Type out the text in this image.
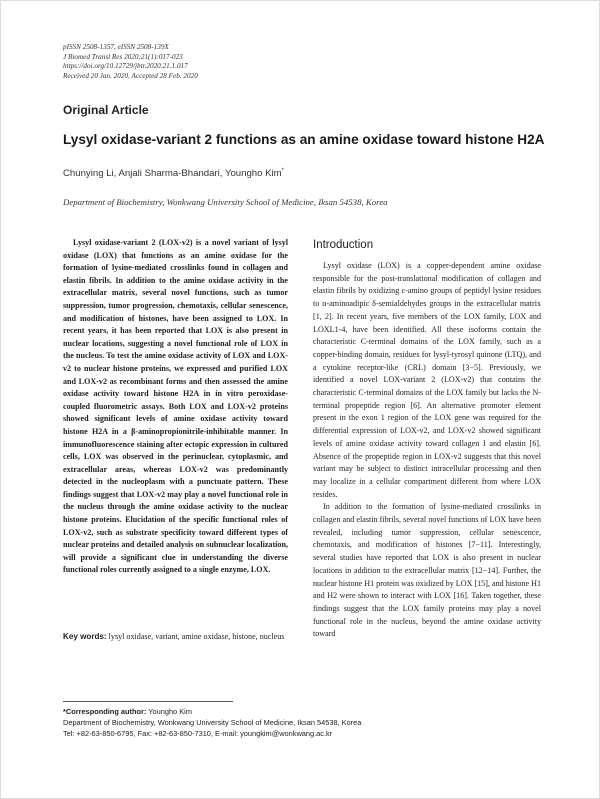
pISSN 2508-1357, eISSN 2508-139X
J Biomed Transl Res 2020;21(1):017-023
https://doi.org/10.12729/jbtr.2020.21.1.017
Received 20 Jan. 2020, Accepted 28 Feb. 2020
Original Article
Lysyl oxidase-variant 2 functions as an amine oxidase toward histone H2A
Chunying Li, Anjali Sharma-Bhandari, Youngho Kim*
Department of Biochemistry, Wonkwang University School of Medicine, Iksan 54538, Korea
Lysyl oxidase-variant 2 (LOX-v2) is a novel variant of lysyl oxidase (LOX) that functions as an amine oxidase for the formation of lysine-mediated crosslinks found in collagen and elastin fibrils. In addition to the amine oxidase activity in the extracellular matrix, several novel functions, such as tumor suppression, tumor progression, chemotaxis, cellular senescence, and modification of histones, have been assigned to LOX. In recent years, it has been reported that LOX is also present in nuclear locations, suggesting a novel functional role of LOX in the nucleus. To test the amine oxidase activity of LOX and LOX-v2 to nuclear histone proteins, we expressed and purified LOX and LOX-v2 as recombinant forms and then assessed the amine oxidase activity toward histone H2A in in vitro peroxidase-coupled fluorometric assays. Both LOX and LOX-v2 proteins showed significant levels of amine oxidase activity toward histone H2A in a β-aminopropionitrile-inhibitable manner. In immunofluorescence staining after ectopic expression in cultured cells, LOX was observed in the perinuclear, cytoplasmic, and extracellular areas, whereas LOX-v2 was predominantly detected in the nucleoplasm with a punctuate pattern. These findings suggest that LOX-v2 may play a novel functional role in the nucleus through the amine oxidase activity to the nuclear histone proteins. Elucidation of the specific functional roles of LOX-v2, such as substrate specificity toward different types of nuclear proteins and detailed analysis on subnuclear localization, will provide a significant clue in understanding the diverse functional roles currently assigned to a single enzyme, LOX.
Key words: lysyl oxidase, variant, amine oxidase, histone, nucleus
Introduction

Lysyl oxidase (LOX) is a copper-dependent amine oxidase responsible for the post-translational modification of collagen and elastin fibrils by oxidizing ε-amino groups of peptidyl lysine residues to α-aminoadipic δ-semialdehydes groups in the extracellular matrix [1, 2]. In recent years, five members of the LOX family, LOX and LOXL1-4, have been identified. All these isoforms contain the characteristic C-terminal domains of the LOX family, such as a copper-binding domain, residues for lysyl-tyrosyl quinone (LTQ), and a cytokine receptor-like (CRL) domain [3−5]. Previously, we identified a novel LOX-variant 2 (LOX-v2) that contains the characteristic C-terminal domains of the LOX family but lacks the N-terminal propeptide region [6]. An alternative promoter element present in the exon 1 region of the LOX gene was required for the differential expression of LOX-v2, and LOX-v2 showed significant levels of amine oxidase activity toward collagen I and elastin [6]. Absence of the propeptide region in LOX-v2 suggests that this novel variant may be subject to distinct intracellular processing and then may localize in a cellular compartment different from where LOX resides.

In addition to the formation of lysine-mediated crosslinks in collagen and elastin fibrils, several novel functions of LOX have been revealed, including tumor suppression, cellular senescence, chemotaxis, and modification of histones [7−11]. Interestingly, several studies have reported that LOX is also present in nuclear locations in addition to the extracellular matrix [12−14]. Further, the nuclear histone H1 protein was oxidized by LOX [15], and histone H1 and H2 were shown to interact with LOX [16]. Taken together, these findings suggest that the LOX family proteins may play a novel functional role in the nucleus, beyond the amine oxidase activity toward

*Corresponding author: Youngho Kim
Department of Biochemistry, Wonkwang University School of Medicine, Iksan 54538, Korea
Tel: +82-63-850-6795, Fax: +82-63-850-7310, E-mail: youngkim@wonkwang.ac.kr
